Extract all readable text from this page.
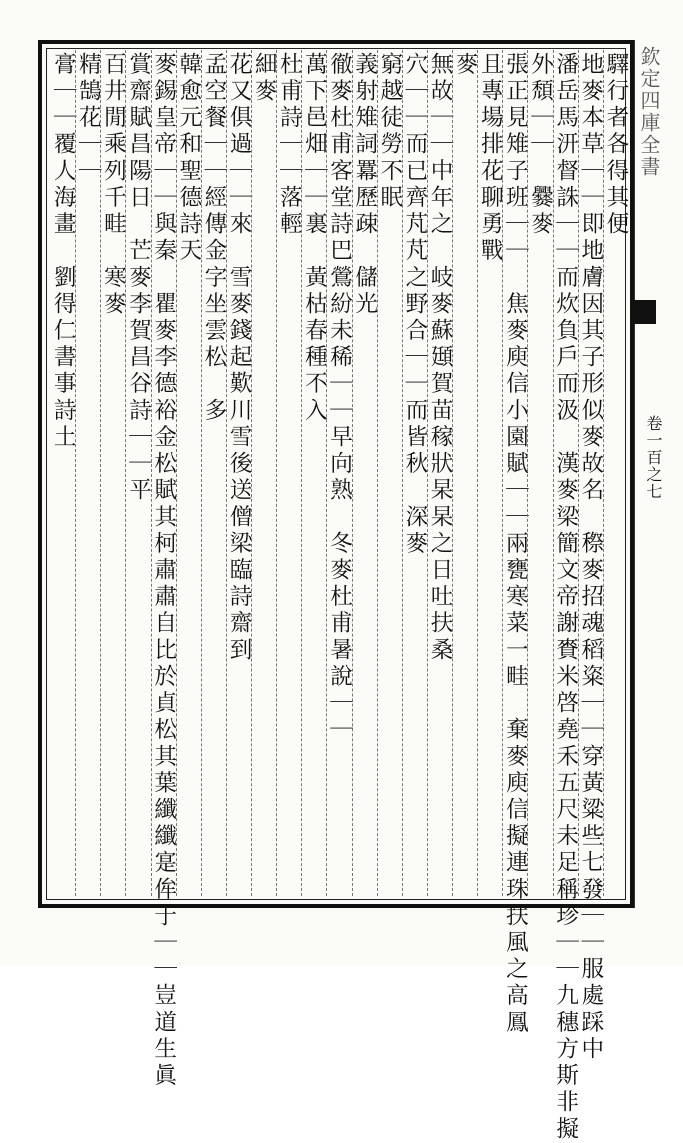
欽定四庫全書
卷一百之七
驛行者各得其便
地麥本草｜｜即地膚因其子形似麥故名　穄麥招魂稻粢｜｜穿黃粱些七發｜｜服處踩中
潘岳馬汧督誅｜｜而炊負戶而汲　漢麥梁簡文帝謝賚米啓堯禾五尺未足稱珍｜｜九穗方斯非擬
外頹｜｜　爨麥
張正見雉子班｜｜　焦麥庾信小園賦｜｜兩甕寒菜一畦　棄麥庾信擬連珠扶風之高鳳
且專場排花聊勇戰
麥
無故｜｜中年之　岐麥蘇頲賀苗稼狀杲杲之日吐扶桑
穴｜｜而已齊芃芃之野合｜｜而皆秋　深麥
窮越徒勞不眠
義射雉詞羃歷疎　儲光
徹麥杜甫客堂詩巴鶯紛未稀｜｜早向熟　冬麥杜甫暑說｜｜
萬下邑畑｜｜裏　黃枯春種不入
杜甫詩｜｜落輕
細麥
花又俱過｜｜來　雪麥錢起歎川雪後送僧梁臨詩齋到
孟空餐｜｜經傳金字坐雲松　多
韓愈元和聖德詩天
麥錫皇帝｜｜與秦　瞿麥李德裕金松賦其柯肅肅自比於貞松其葉纖纖寔侔于｜｜豈道生眞
賞齋賦昌陽日　芒麥李賀昌谷詩｜｜平
百井閒乘列千畦　寒麥
精鵠花｜｜
膏｜｜覆人海畫　劉得仁書事詩土
